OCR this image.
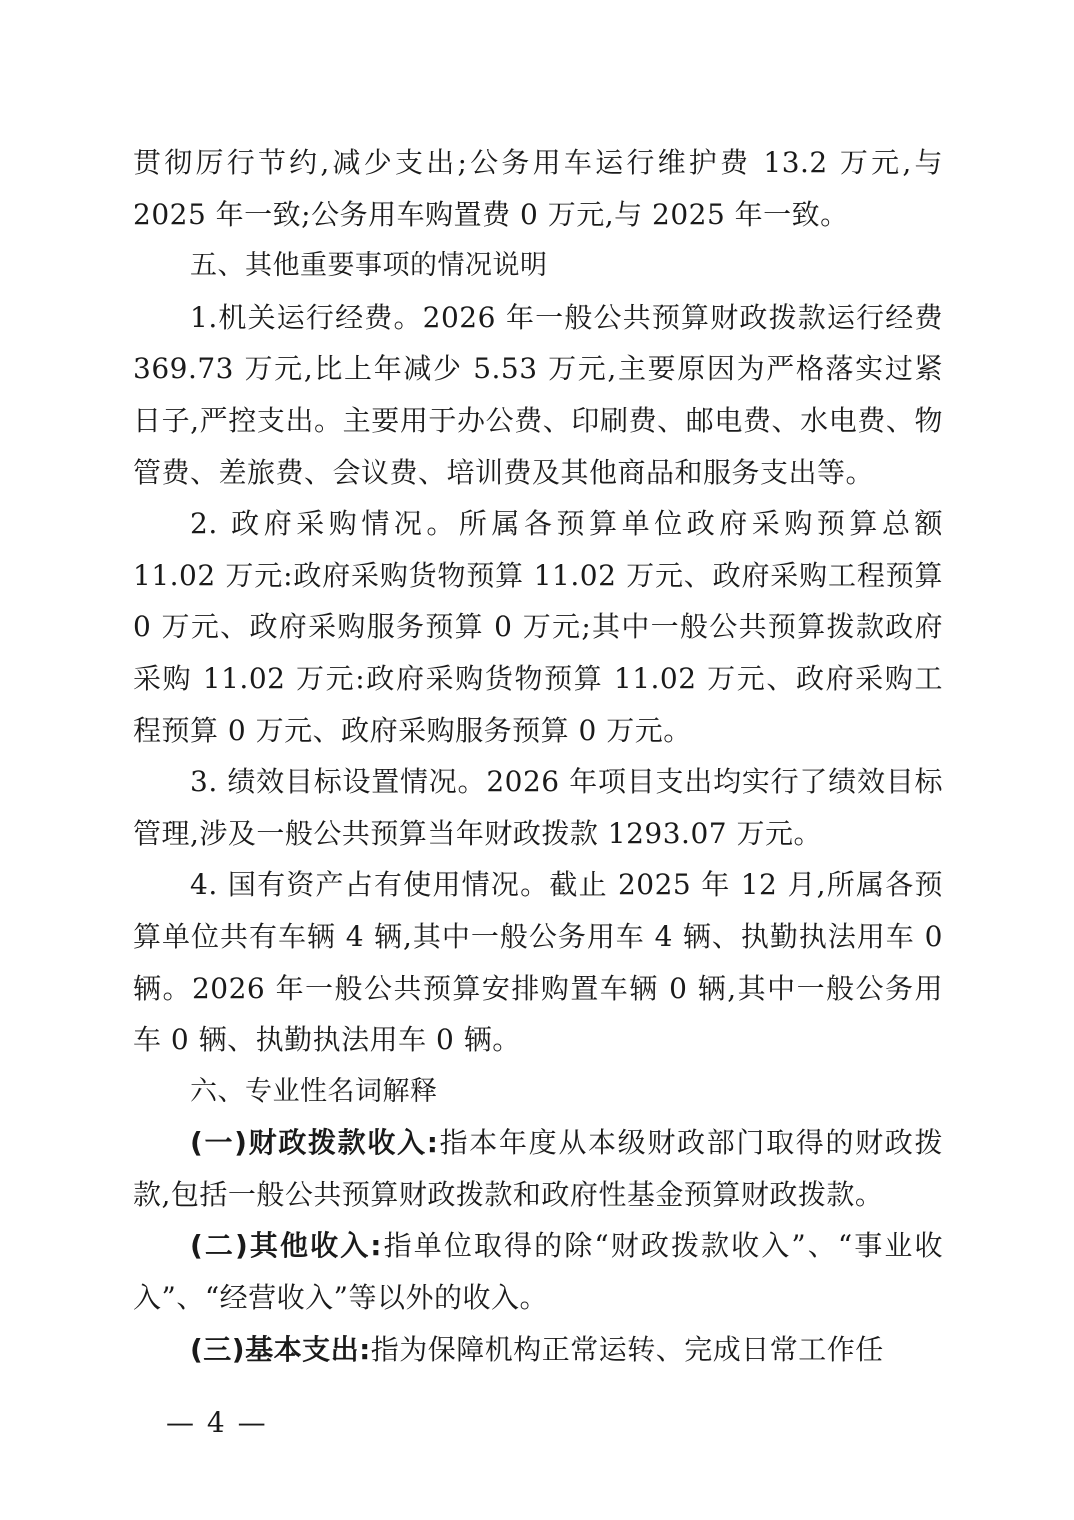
贯彻厉行节约,减少支出;公务用车运行维护费 13.2 万元,与 2025 年一致;公务用车购置费 0 万元,与 2025 年一致。

五、其他重要事项的情况说明

1.机关运行经费。2026 年一般公共预算财政拨款运行经费 369.73 万元,比上年减少 5.53 万元,主要原因为严格落实过紧日子,严控支出。主要用于办公费、印刷费、邮电费、水电费、物管费、差旅费、会议费、培训费及其他商品和服务支出等。

2. 政府采购情况。所属各预算单位政府采购预算总额 11.02 万元:政府采购货物预算 11.02 万元、政府采购工程预算 0 万元、政府采购服务预算 0 万元;其中一般公共预算拨款政府采购 11.02 万元:政府采购货物预算 11.02 万元、政府采购工程预算 0 万元、政府采购服务预算 0 万元。

3. 绩效目标设置情况。2026 年项目支出均实行了绩效目标管理,涉及一般公共预算当年财政拨款 1293.07 万元。

4. 国有资产占有使用情况。截止 2025 年 12 月,所属各预算单位共有车辆 4 辆,其中一般公务用车 4 辆、执勤执法用车 0 辆。2026 年一般公共预算安排购置车辆 0 辆,其中一般公务用车 0 辆、执勤执法用车 0 辆。

六、专业性名词解释

(一)财政拨款收入:指本年度从本级财政部门取得的财政拨款,包括一般公共预算财政拨款和政府性基金预算财政拨款。

(二)其他收入:指单位取得的除“财政拨款收入”、“事业收入”、“经营收入”等以外的收入。

(三)基本支出:指为保障机构正常运转、完成日常工作任

— 4 —
